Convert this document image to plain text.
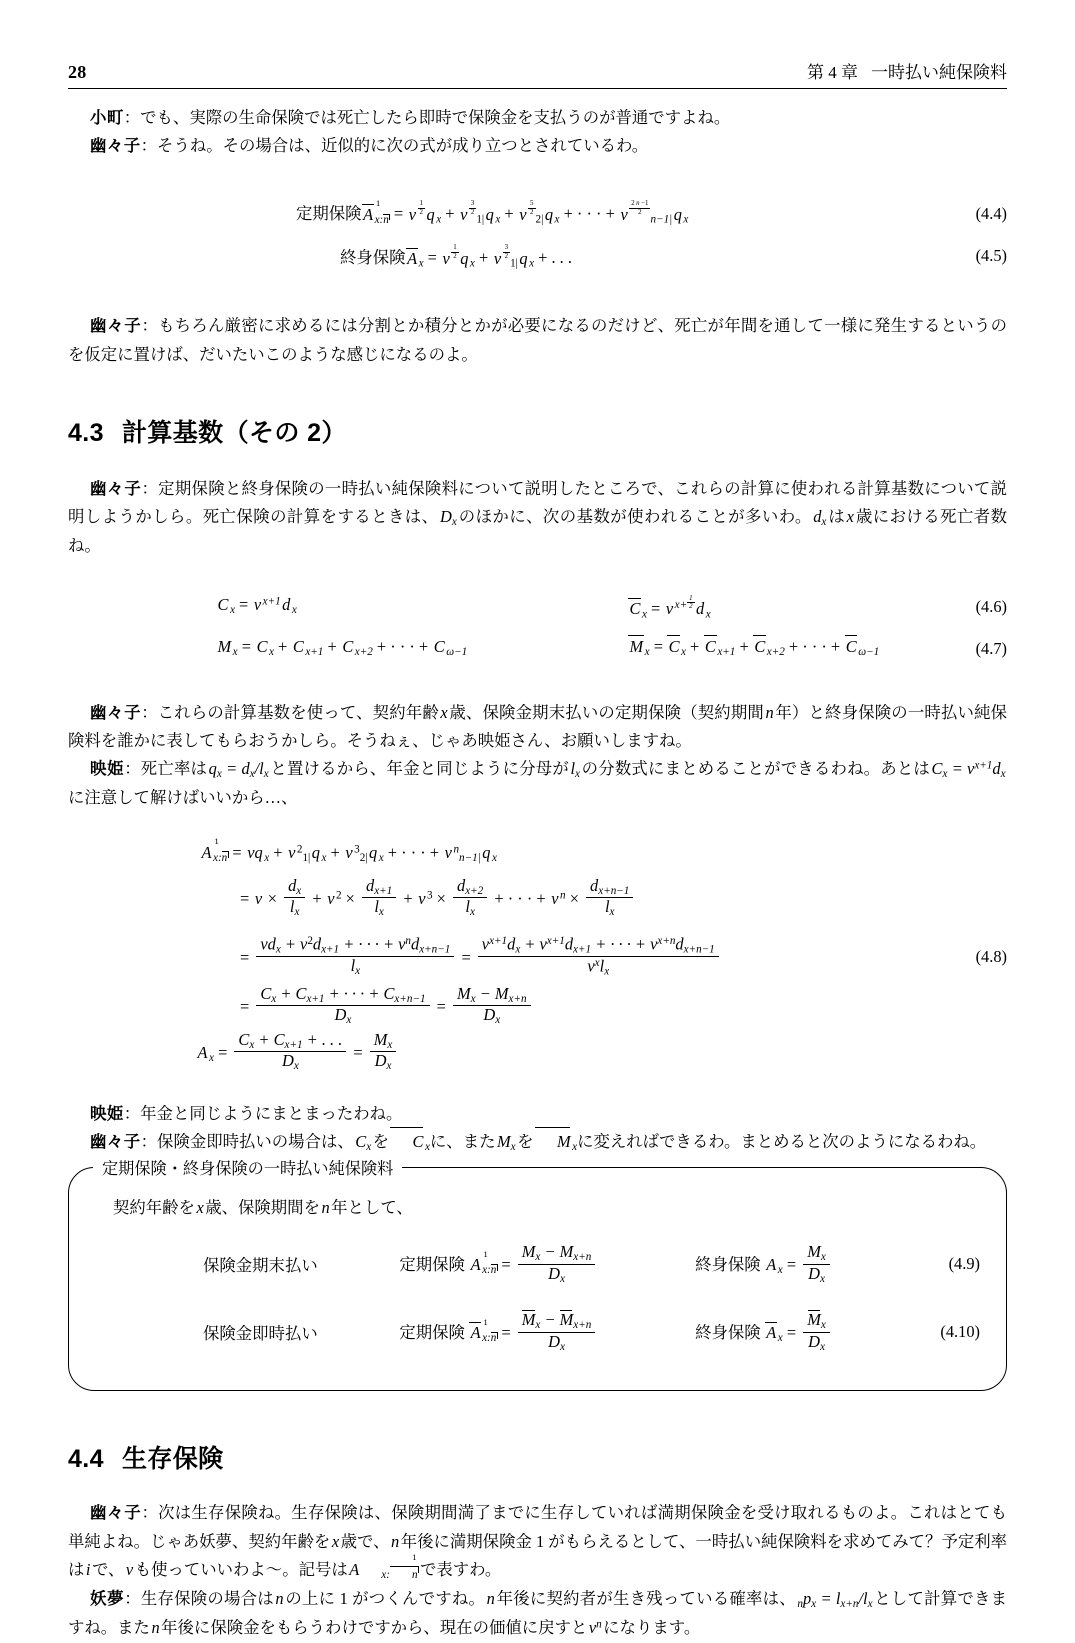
28	第 4 章 一時払い純保険料

小町：でも、実際の生命保険では死亡したら即時で保険金を支払うのが普通ですよね。

幽々子：そうね。その場合は、近似的に次の式が成り立つとされているわ。

定期保険A
1
$_{x:n}$ = v $^{\frac{1}{2}}$ q $_x$ + v $^{\frac{3}{2}}$
$_{1|}$q $_x$ + v $^{\frac{5}{2}}$
$_{2|}$q $_x$ + · · · + v $^{\frac{2 n -1}{2}}$
$_{n-1|}$q $_x$	(4.4)
終身保険A $_x$ = v $^{\frac{1}{2}}$ q $_x$ + v $^{\frac{3}{2}}$
$_{1|}$q $_x$ + . . .	(4.5)

幽々子：もちろん厳密に求めるには分割とか積分とかが必要になるのだけど、死亡が年間を通して一様に発生するというのを仮定に置けば、だいたいこのような感じになるのよ。

4.3 計算基数（その 2）

幽々子：定期保険と終身保険の一時払い純保険料について説明したところで、これらの計算に使われる計算基数について説明しようかしら。死亡保険の計算をするときは、$D_x$のほかに、次の基数が使われることが多いわ。$d_x$はx歳における死亡者数ね。

C $_x$ = v $^{x+1}$d $_x$	C $_x$ = v $^{x+ \frac{1}{2}}$ d $_x$	(4.6)
M $_x$ = C $_x$ + C $_{x+1}$ + C $_{x+2}$ + · · · + C $_{\omega-1}$	M $_x$ = C $_x$ + C $_{x+1}$ + C $_{x+2}$ + · · · + C $_{\omega-1}$	(4.7)

幽々子：これらの計算基数を使って、契約年齢x歳、保険金期末払いの定期保険（契約期間n年）と終身保険の一時払い純保険料を誰かに表してもらおうかしら。そうねぇ、じゃあ映姫さん、お願いしますね。

映姫：死亡率は$q_x = d_x/l_x$と置けるから、年金と同じように分母が$l_x$の分数式にまとめることができるわね。あとは$C_x = v^{x+1}d_x$に注意して解けばいいから…、

A
1
$_{x:n}$ = vq $_x$ + v $^2_{1|}$q $_x$ + v $^3_{2|}$q $_x$ + · · · + v $^n_{n-1|}$q $_x$
= $v \times \frac{d_x}{l_x} + v$ $^2 \times \frac{d_{x+1}}{l_x} + v$ $^3 \times \frac{d_{x+2}}{l_x}$ + · · · + v $^n \times \frac{d_{x+n-1}}{l_x}$
= $\frac{vd_x + v^2d_{x+1} + \cdot \cdot \cdot + v^nd_{x+n-1}}{l_x} = \frac{v^{x+1}d_x + v^{x+1}d_{x+1} + \cdot \cdot \cdot + v^{x+n}d_{x+n-1}}{v^xl_x}$
= $\frac{C_x + C_{x+1} + \cdot \cdot \cdot + C_{x+n-1}}{D_x} = \frac{M_x - M_{x+n}}{D_x}$
A $_x = \frac{C_x + C_{x+1} + . . .}{D_x} = \frac{M_x}{D_x}$
(4.8)

映姫：年金と同じようにまとまったわね。

幽々子：保険金即時払いの場合は、$C_x$を C $_x$に、また$M_x$を M $_x$に変えればできるわ。まとめると次のようになるわね。

定期保険・終身保険の一時払い純保険料
契約年齢をx歳、保険期間をn年として、
保険金期末払い	定期保険 A
1
$_{x:n} = \frac{M_x - M_{x+n}}{D_x}$	終身保険 A $_x = \frac{M_x}{D_x}$	(4.9)
保険金即時払い	定期保険 A
1
$_{x:n} = \frac{M_x - M_{x+n}}{D_x}$	終身保険 A $_x = \frac{M_x}{D_x}$	(4.10)
4.4 生存保険

幽々子：次は生存保険ね。生存保険は、保険期間満了までに生存していれば満期保険金を受け取れるものよ。これはとても単純よね。じゃあ妖夢、契約年齢をx歳で、n年後に満期保険金 1 がもらえるとして、一時払い純保険料を求めてみて？予定利率はiで、vも使っていいわよ～。記号はA
1
$_{x: n}$ で表すわ。

妖夢：生存保険の場合はnの上に 1 がつくんですね。n年後に契約者が生き残っている確率は、 $_np_x = l_{x+n}/l_x$として計算できますね。またn年後に保険金をもらうわけですから、現在の価値に戻すと$v^n$になります。
